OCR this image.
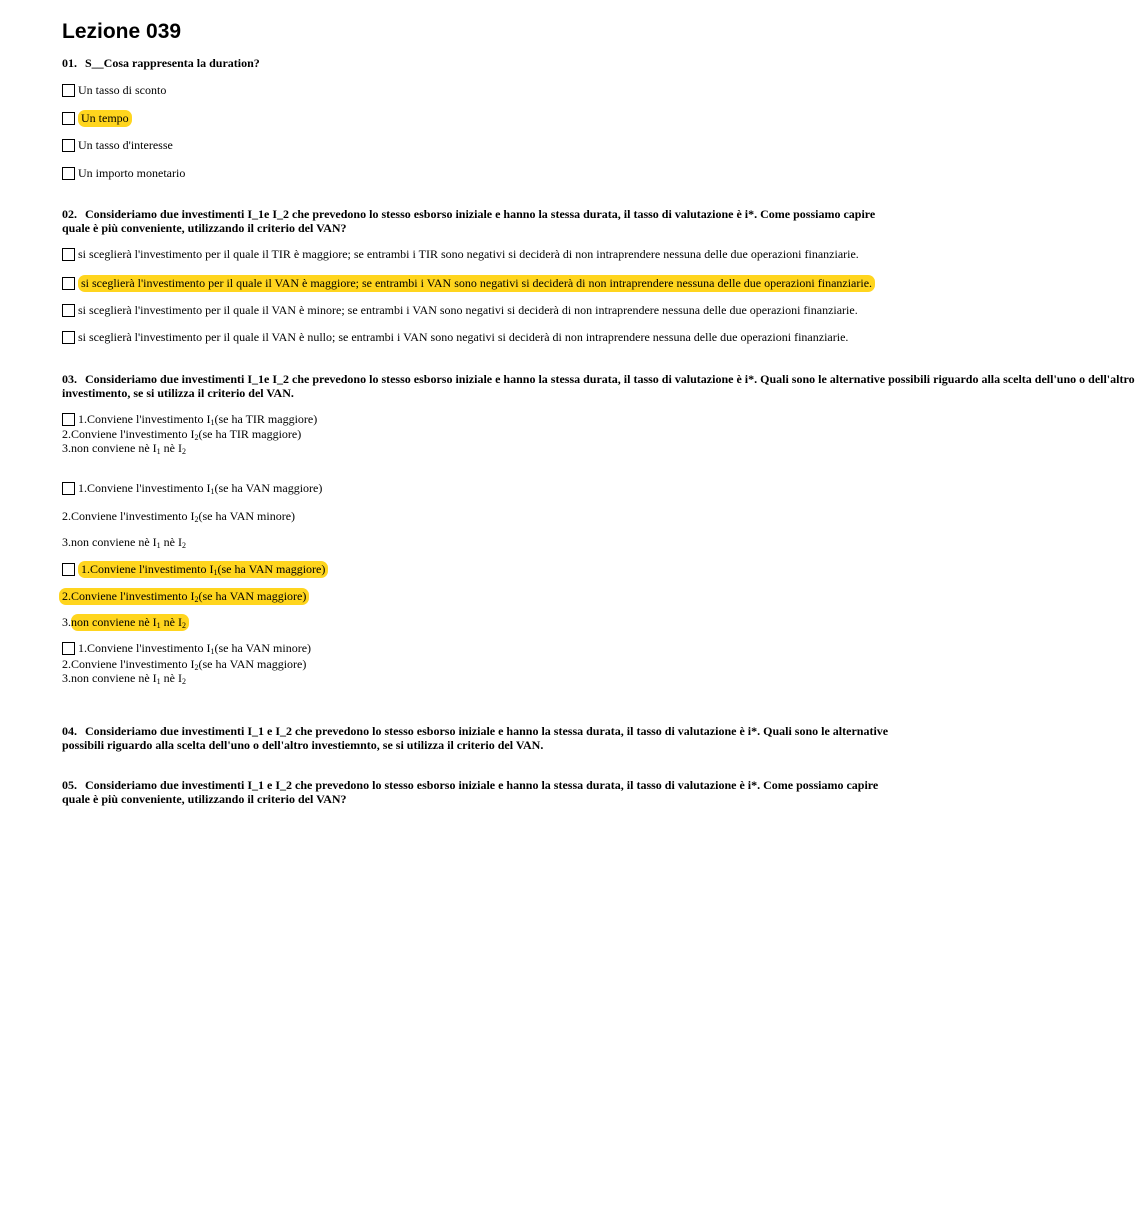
Lezione 039
01. S__Cosa rappresenta la duration?
Un tasso di sconto
Un tempo
Un tasso d'interesse
Un importo monetario
02. Consideriamo due investimenti I_1e I_2 che prevedono lo stesso esborso iniziale e hanno la stessa durata, il tasso di valutazione è i*. Come possiamo capire
quale è più conveniente, utilizzando il criterio del VAN?
si sceglierà l'investimento per il quale il TIR è maggiore; se entrambi i TIR sono negativi si deciderà di non intraprendere nessuna delle due operazioni finanziarie.
si sceglierà l'investimento per il quale il VAN è maggiore; se entrambi i VAN sono negativi si deciderà di non intraprendere nessuna delle due operazioni finanziarie.
si sceglierà l'investimento per il quale il VAN è minore; se entrambi i VAN sono negativi si deciderà di non intraprendere nessuna delle due operazioni finanziarie.
si sceglierà l'investimento per il quale il VAN è nullo; se entrambi i VAN sono negativi si deciderà di non intraprendere nessuna delle due operazioni finanziarie.
03. Consideriamo due investimenti I_1e I_2 che prevedono lo stesso esborso iniziale e hanno la stessa durata, il tasso di valutazione è i*. Quali sono le alternative possibili riguardo alla scelta dell'uno o dell'altro
investimento, se si utilizza il criterio del VAN.
1.Conviene l'investimento $I_1(se$ ha TIR maggiore)
2.Conviene l'investimento $I_2(se$ ha TIR maggiore)
3.non conviene nè $I_1$ nè $I_2$
1.Conviene l'investimento $I_1(se$ ha VAN maggiore)
2.Conviene l'investimento $I_2(se$ ha VAN minore)
3.non conviene nè $I_1$ nè $I_2$
1.Conviene l'investimento $I_1(se$ ha VAN maggiore)
2.Conviene l'investimento $I_2(se$ ha VAN maggiore)
3.non conviene nè $I_1$ nè $I_2$
1.Conviene l'investimento $I_1(se$ ha VAN minore)
2.Conviene l'investimento $I_2(se$ ha VAN maggiore)
3.non conviene nè $I_1$ nè $I_2$
04. Consideriamo due investimenti I_1 e I_2 che prevedono lo stesso esborso iniziale e hanno la stessa durata, il tasso di valutazione è i*. Quali sono le alternative
possibili riguardo alla scelta dell'uno o dell'altro investiemnto, se si utilizza il criterio del VAN.
05. Consideriamo due investimenti I_1 e I_2 che prevedono lo stesso esborso iniziale e hanno la stessa durata, il tasso di valutazione è i*. Come possiamo capire
quale è più conveniente, utilizzando il criterio del VAN?
